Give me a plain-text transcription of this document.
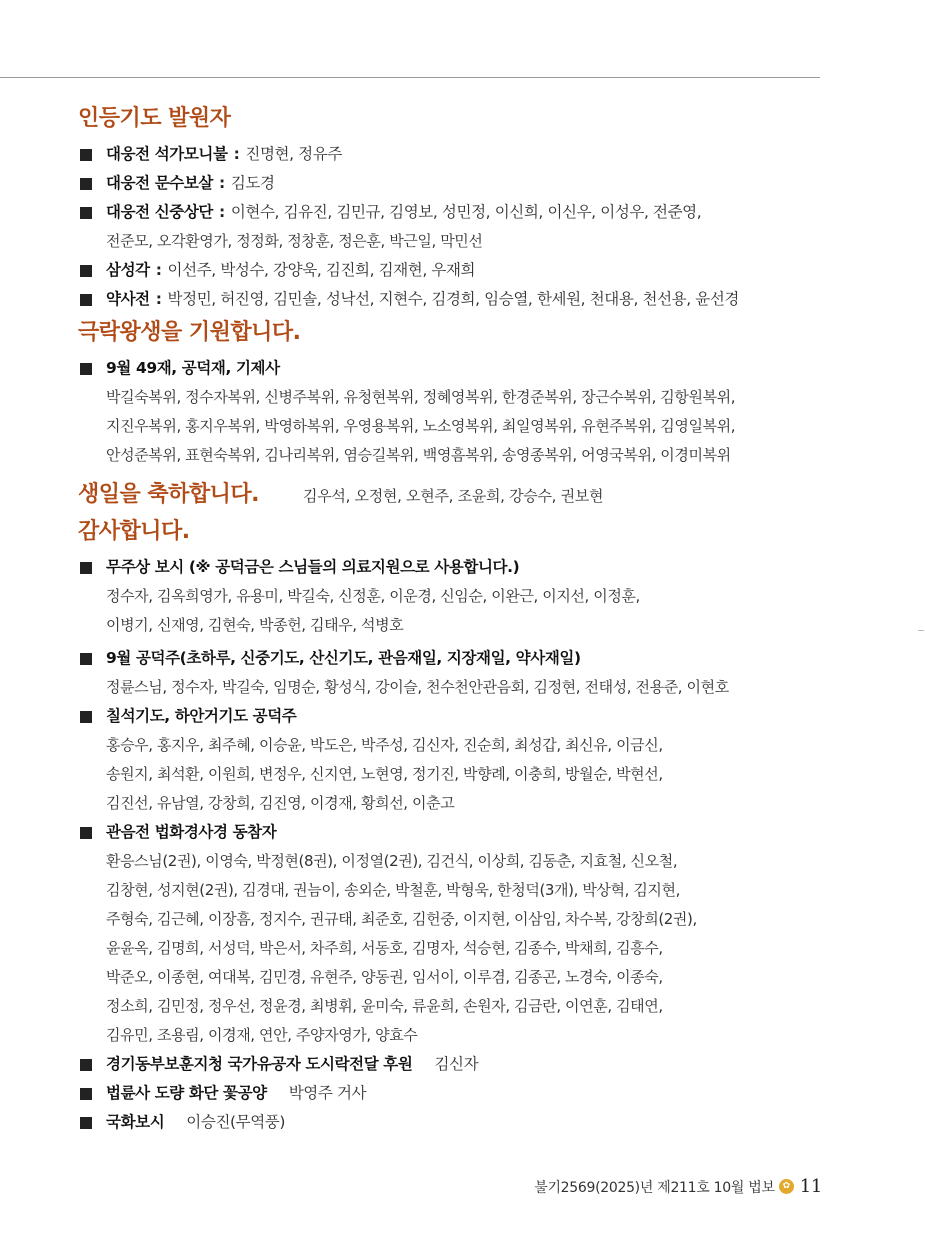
인등기도 발원자
대웅전 석가모니불 : 진명현, 정유주
대웅전 문수보살 : 김도경
대웅전 신중상단 : 이현수, 김유진, 김민규, 김영보, 성민정, 이신희, 이신우, 이성우, 전준영,
전준모, 오각환영가, 정정화, 정창훈, 정은훈, 박근일, 막민선
삼성각 : 이선주, 박성수, 강양욱, 김진희, 김재현, 우재희
약사전 : 박정민, 허진영, 김민솔, 성낙선, 지현수, 김경희, 임승열, 한세원, 천대용, 천선용, 윤선경
극락왕생을 기원합니다.
9월 49재, 공덕재, 기제사
박길숙복위, 정수자복위, 신병주복위, 유청현복위, 정혜영복위, 한경준복위, 장근수복위, 김항원복위,
지진우복위, 홍지우복위, 박영하복위, 우영용복위, 노소영복위, 최일영복위, 유현주복위, 김영일복위,
안성준복위, 표현숙복위, 김나리복위, 염승길복위, 백영흠복위, 송영종복위, 어영국복위, 이경미복위
생일을 축하합니다.	김우석, 오정현, 오현주, 조윤희, 강승수, 권보현
감사합니다.
무주상 보시 (※ 공덕금은 스님들의 의료지원으로 사용합니다.)
정수자, 김옥희영가, 유용미, 박길숙, 신정훈, 이운경, 신임순, 이완근, 이지선, 이정훈,
이병기, 신재영, 김현숙, 박종헌, 김태우, 석병호
9월 공덕주(초하루, 신중기도, 산신기도, 관음재일, 지장재일, 약사재일)
정륜스님, 정수자, 박길숙, 임명순, 황성식, 강이슬, 천수천안관음회, 김정현, 전태성, 전용준, 이현호
칠석기도, 하안거기도 공덕주
홍승우, 홍지우, 최주혜, 이승윤, 박도은, 박주성, 김신자, 진순희, 최성갑, 최신유, 이금신,
송원지, 최석환, 이원희, 변정우, 신지연, 노현영, 정기진, 박향례, 이충희, 방월순, 박현선,
김진선, 유남열, 강창희, 김진영, 이경재, 황희선, 이춘고
관음전 법화경사경 동참자
환응스님(2권), 이영숙, 박정현(8권), 이정열(2권), 김건식, 이상희, 김동춘, 지효철, 신오철,
김창현, 성지현(2권), 김경대, 권늠이, 송외순, 박철훈, 박형욱, 한청덕(3개), 박상혁, 김지현,
주형숙, 김근혜, 이장흠, 정지수, 권규태, 최준호, 김헌중, 이지현, 이삼임, 차수복, 강창희(2권),
윤윤옥, 김명희, 서성덕, 박은서, 차주희, 서동호, 김명자, 석승현, 김종수, 박채희, 김흥수,
박준오, 이종현, 여대복, 김민경, 유현주, 양동권, 임서이, 이루겸, 김종곤, 노경숙, 이종숙,
정소희, 김민정, 정우선, 정윤경, 최병휘, 윤미숙, 류윤희, 손원자, 김금란, 이연훈, 김태연,
김유민, 조용림, 이경재, 연안, 주양자영가, 양효수
경기동부보훈지청 국가유공자 도시락전달 후원 김신자
법륜사 도량 화단 꽃공양 박영주 거사
국화보시 이승진(무역풍)
불기2569(2025)년 제211호 10월 법보 ✿ 11
